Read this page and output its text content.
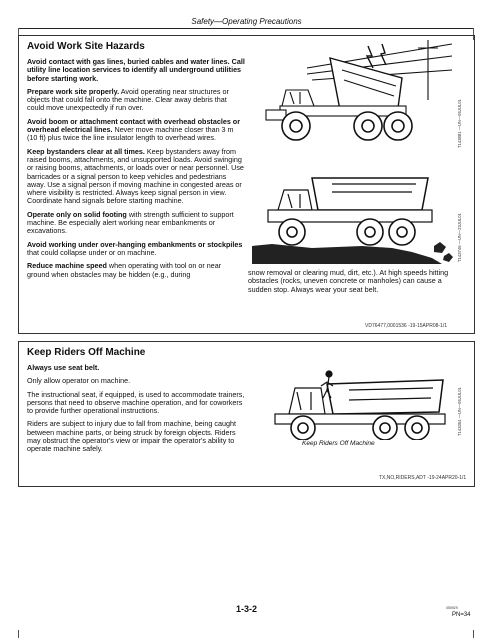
Safety—Operating Precautions
Avoid Work Site Hazards

Avoid contact with gas lines, buried cables and water lines. Call utility line location services to identify all underground utilities before starting work.

Prepare work site properly. Avoid operating near structures or objects that could fall onto the machine. Clear away debris that could move unexpectedly if run over.

Avoid boom or attachment contact with overhead obstacles or overhead electrical lines. Never move machine closer than 3 m (10 ft) plus twice the line insulator length to overhead wires.

Keep bystanders clear at all times. Keep bystanders away from raised booms, attachments, and unsupported loads. Avoid swinging or raising booms, attachments, or loads over or near personnel. Use barricades or a signal person to keep vehicles and pedestrians away. Use a signal person if moving machine in congested areas or where visibility is restricted. Always keep signal person in view. Coordinate hand signals before starting machine.

Operate only on solid footing with strength sufficient to support machine. Be especially alert working near embankments or excavations.

Avoid working under over-hanging embankments or stockpiles that could collapse under or on machine.

Reduce machine speed when operating with tool on or near ground when obstacles may be hidden (e.g., during	snow removal or clearing mud, dirt, etc.). At high speeds hitting obstacles (rocks, uneven concrete or manholes) can cause a sudden stop. Always wear your seat belt.

T143881 —UN—05JUL01
T143746 —UN—23JUL01
VD76477,0001536 -19-15APR08-1/1
Keep Riders Off Machine

Always use seat belt.

Only allow operator on machine.

The instructional seat, if equipped, is used to accommodate trainers, persons that need to observe machine operation, and for coworkers to provide further operational instructions.

Riders are subject to injury due to fall from machine, being caught between machine parts, or being struck by foreign objects. Riders may obstruct the operator's view or impair the operator's ability to operate machine safely.

Keep Riders Off Machine
T143354 —UN—06JUL01
TX,NO,RIDERS,ADT -19-24APR20-1/1
1-3-2	050929
PN=34
